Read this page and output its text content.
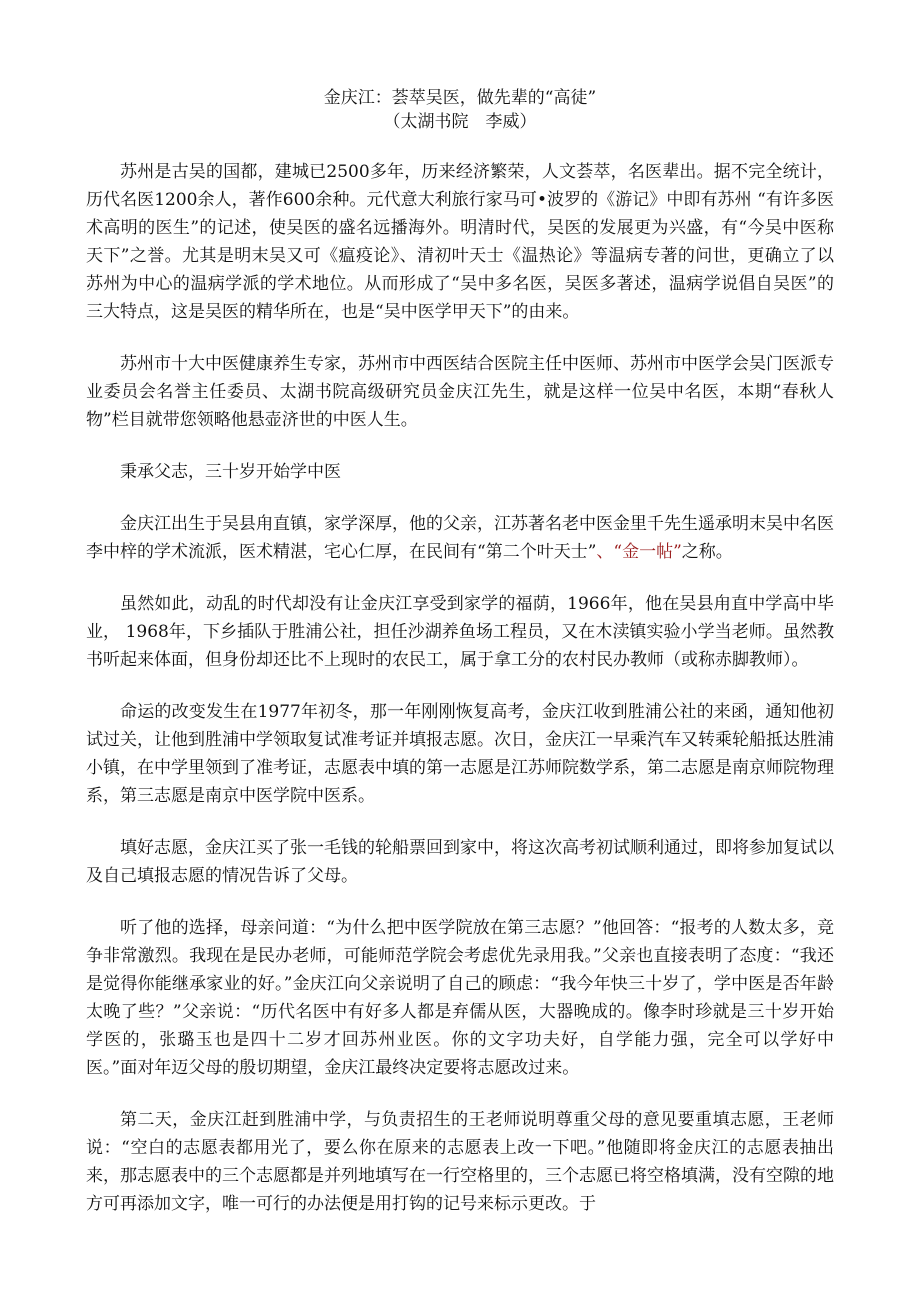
金庆江：荟萃吴医，做先辈的“高徒”

（太湖书院　李威）

苏州是古吴的国都，建城已2500多年，历来经济繁荣，人文荟萃，名医辈出。据不完全统计，历代名医1200余人，著作600余种。元代意大利旅行家马可•波罗的《游记》中即有苏州 “有许多医术高明的医生”的记述，使吴医的盛名远播海外。明清时代，吴医的发展更为兴盛，有“今吴中医称天下”之誉。尤其是明末吴又可《瘟疫论》、清初叶天士《温热论》等温病专著的问世，更确立了以苏州为中心的温病学派的学术地位。从而形成了“吴中多名医，吴医多著述，温病学说倡自吴医”的三大特点，这是吴医的精华所在，也是“吴中医学甲天下”的由来。

苏州市十大中医健康养生专家，苏州市中西医结合医院主任中医师、苏州市中医学会吴门医派专业委员会名誉主任委员、太湖书院高级研究员金庆江先生，就是这样一位吴中名医，本期“春秋人物”栏目就带您领略他悬壶济世的中医人生。

秉承父志，三十岁开始学中医

金庆江出生于吴县甪直镇，家学深厚，他的父亲，江苏著名老中医金里千先生遥承明末吴中名医李中梓的学术流派，医术精湛，宅心仁厚，在民间有“第二个叶天士”、“金一帖”之称。

虽然如此，动乱的时代却没有让金庆江享受到家学的福荫，1966年，他在吴县甪直中学高中毕业， 1968年，下乡插队于胜浦公社，担任沙湖养鱼场工程员，又在木渎镇实验小学当老师。虽然教书听起来体面，但身份却还比不上现时的农民工，属于拿工分的农村民办教师（或称赤脚教师）。

命运的改变发生在1977年初冬，那一年刚刚恢复高考，金庆江收到胜浦公社的来函，通知他初试过关，让他到胜浦中学领取复试准考证并填报志愿。次日，金庆江一早乘汽车又转乘轮船抵达胜浦小镇，在中学里领到了准考证，志愿表中填的第一志愿是江苏师院数学系，第二志愿是南京师院物理系，第三志愿是南京中医学院中医系。

填好志愿，金庆江买了张一毛钱的轮船票回到家中，将这次高考初试顺利通过，即将参加复试以及自己填报志愿的情况告诉了父母。

听了他的选择，母亲问道：“为什么把中医学院放在第三志愿？”他回答：“报考的人数太多，竞争非常激烈。我现在是民办老师，可能师范学院会考虑优先录用我。”父亲也直接表明了态度：“我还是觉得你能继承家业的好。”金庆江向父亲说明了自己的顾虑：“我今年快三十岁了，学中医是否年龄太晚了些？”父亲说：“历代名医中有好多人都是弃儒从医，大器晚成的。像李时珍就是三十岁开始学医的，张璐玉也是四十二岁才回苏州业医。你的文字功夫好，自学能力强，完全可以学好中医。”面对年迈父母的殷切期望，金庆江最终决定要将志愿改过来。

第二天，金庆江赶到胜浦中学，与负责招生的王老师说明尊重父母的意见要重填志愿，王老师说：“空白的志愿表都用光了，要么你在原来的志愿表上改一下吧。”他随即将金庆江的志愿表抽出来，那志愿表中的三个志愿都是并列地填写在一行空格里的，三个志愿已将空格填满，没有空隙的地方可再添加文字，唯一可行的办法便是用打钩的记号来标示更改。于
